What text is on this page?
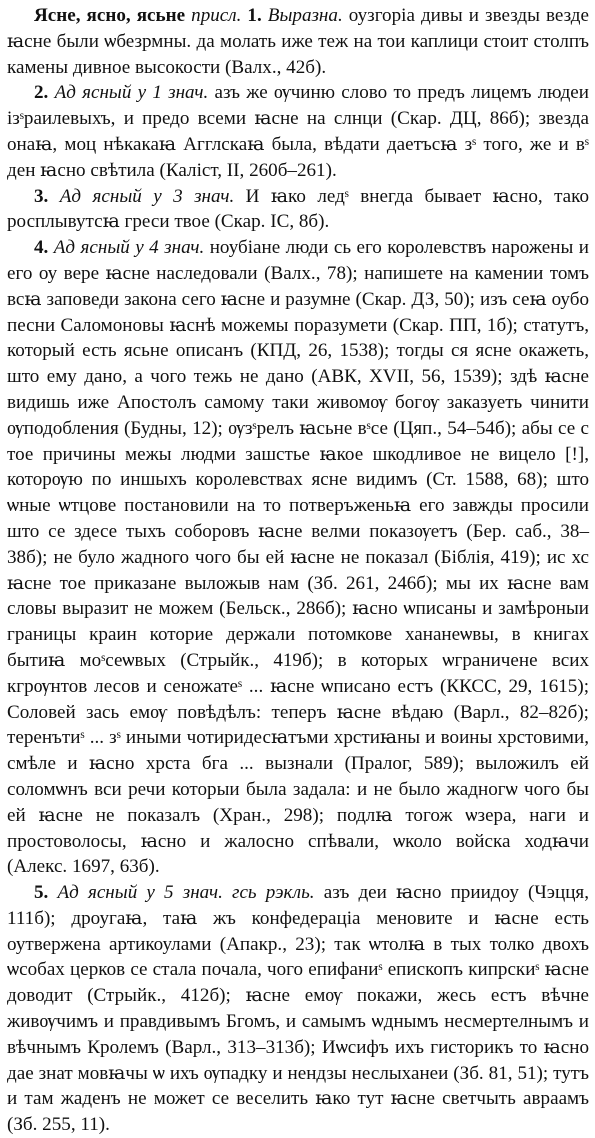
Ясне, ясно, ясьне присл. 1. Выразна. оузгоріа дивы и звезды везде ꙗсне были ѡбезрмны. да молать иже теж на тои каплици стоит столпъ камены дивное высокости (Валх., 42б).

2. Ад ясный у 1 знач. азъ же ѹчиню слово то предъ лицемъ людеи ізˢраилевыхъ, и предо всеми ꙗсне на слнци (Скар. ДЦ, 86б); звезда онаꙗ, моц нѣкакаꙗ Агглскаꙗ была, вѣдати даетъсꙗ зˢ того, же и вˢ ден ꙗсно свѣтила (Каліст, II, 260б–261).

3. Ад ясный у 3 знач. И ꙗко ледˢ внегда бывает ꙗсно, тако росплывутсꙗ греси твое (Скар. ІС, 8б).

4. Ад ясный у 4 знач. ноубіане люди сь его королевствъ нарожены и его оу вере ꙗсне наследовали (Валх., 78); напишете на камении томъ всꙗ заповеди закона сего ꙗсне и разумне (Скар. ДЗ, 50); изъ сеꙗ оубо песни Саломоновы ꙗснѣ можемы поразумети (Скар. ПП, 1б); статутъ, который есть ясьне описанъ (КПД, 26, 1538); тогды ся ясне окажеть, што ему дано, а чого тежь не дано (АВК, XVII, 56, 1539); здѣ ꙗсне видишь иже Апостолъ самому таки живомѹ богѹ заказуеть чинити ѹподобления (Будны, 12); ѹзˢрелъ ꙗсьне вˢсе (Цяп., 54–54б); абы се с тое причины межы людми зашстье ꙗкое шкодливое не вицело [!], которѹю по иншыхъ королевствах ясне видимъ (Ст. 1588, 68); што ѡные ѡтцове постановили на то потверъженьꙗ его завжды просили што се здесе тыхъ соборовъ ꙗсне велми показѹетъ (Бер. саб., 38–38б); не було жадного чого бы ей ꙗсне не показал (Біблія, 419); ис хс ꙗсне тое приказане выложыв нам (Зб. 261, 246б); мы их ꙗсне вам словы выразит не можем (Бельск., 286б); ꙗсно ѡписаны и замѣроныи границы краин которие держали потомкове хананеѡвы, в книгах бытиꙗ моˢсеѡвых (Стрыйк., 419б); в которых ѡграничене всих кгрѹнтов лесов и сеножатеˢ ... ꙗсне ѡписано естъ (ККСС, 29, 1615); Соловей зась емѹ повѣдѣлъ: теперъ ꙗсне вѣдаю (Варл., 82–82б); теренътиˢ ... зˢ иными чотиридесꙗтъми хрстиꙗны и воины хрстовими, смѣле и ꙗсно хрста бга ... вызнали (Пралог, 589); выложилъ ей соломѡнъ вси речи которыи была задала: и не было жадногѡ чого бы ей ꙗсне не показалъ (Хран., 298); подлꙗ тогож ѡзера, наги и простоволосы, ꙗсно и жалосно спѣвали, ѡколо войска ходꙗчи (Алекс. 1697, 63б).

5. Ад ясный у 5 знач. гсь рэкль. азъ деи ꙗсно приидоу (Чэцця, 111б); дроугаꙗ, таꙗ жъ конфедераціа меновите и ꙗсне есть оутвержена артикоулами (Апакр., 23); так ѡтолꙗ в тых толко двохъ ѡсобах церков се стала почала, чого епифаниˢ епископъ кипрскиˢ ꙗсне доводит (Стрыйк., 412б); ꙗсне емѹ покажи, жесь естъ вѣчне живѹчимъ и правдивымъ Бгомъ, и самымъ ѡднымъ несмертелнымъ и вѣчнымъ Кролемъ (Варл., 313–313б); Иѡсифъ ихъ гисторикъ то ꙗсно дае знат мовꙗчы ѡ ихъ ѹпадку и нендзы неслыханеи (Зб. 81, 51); тутъ и там жаденъ не может се веселить ꙗко тут ꙗсне светчыть авраамъ (Зб. 255, 11).
